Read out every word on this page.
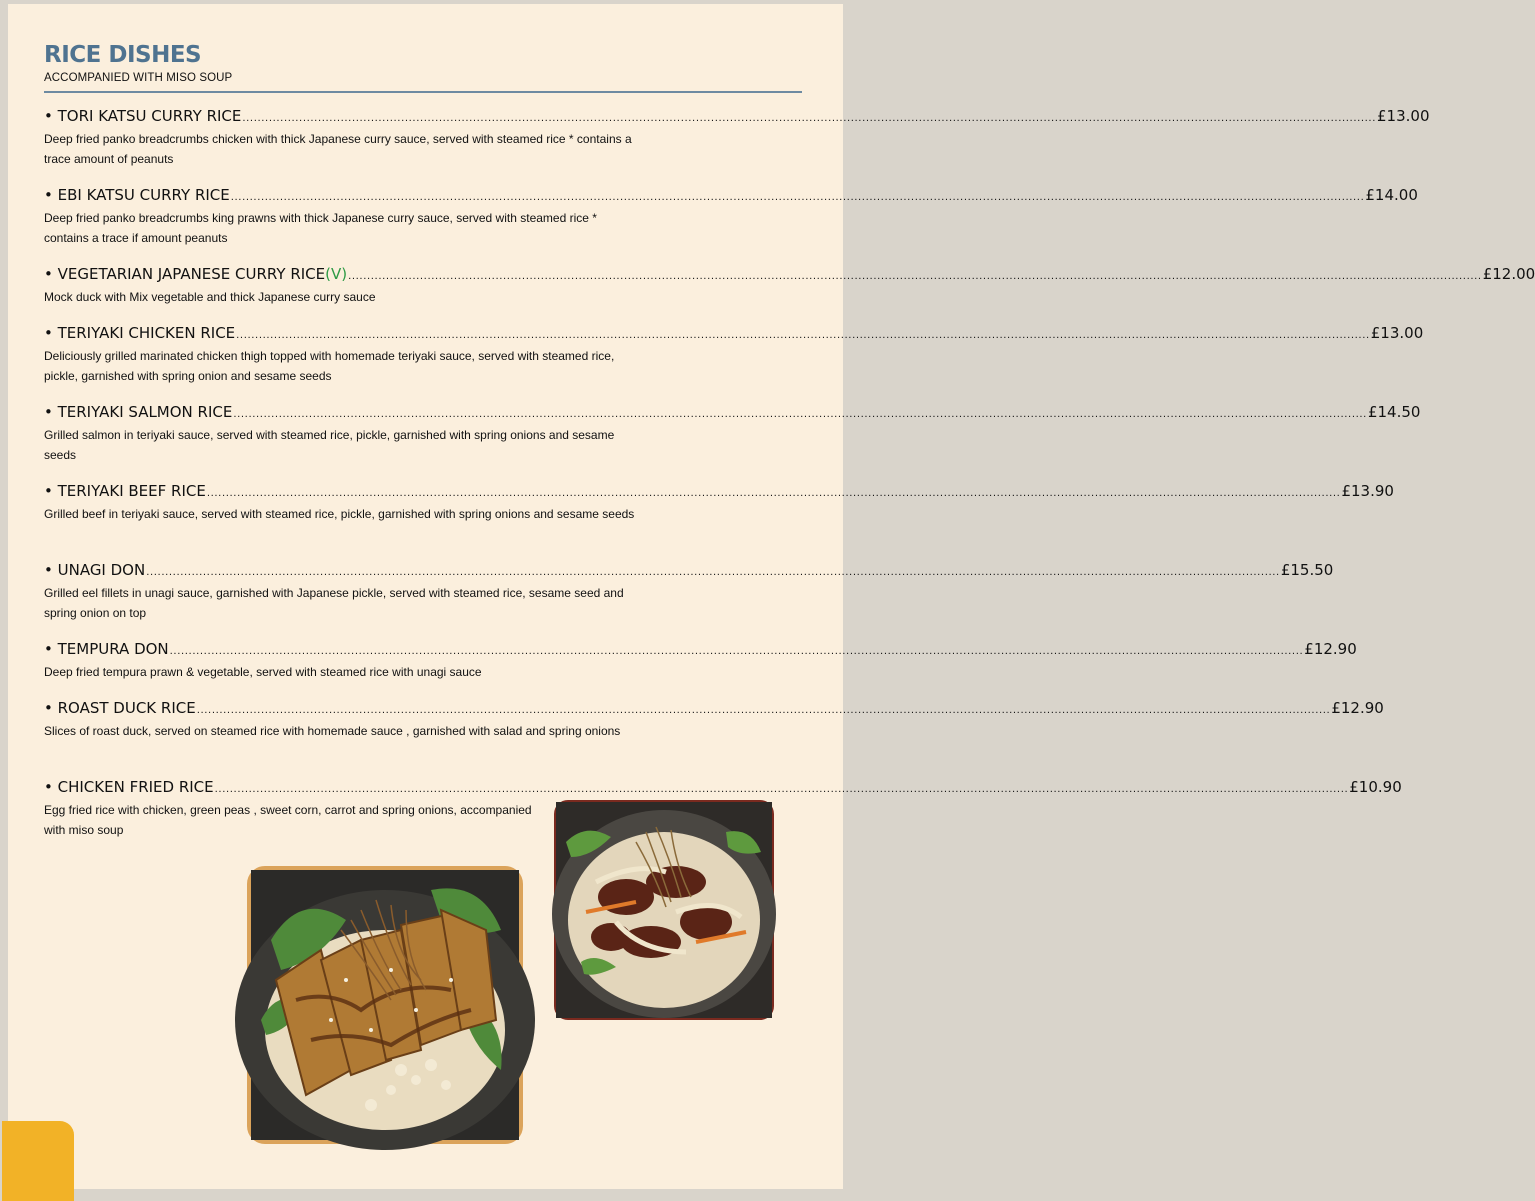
RICE DISHES
ACCOMPANIED WITH MISO SOUP
• TORI KATSU CURRY RICE ............................................................................................................................................................................................................................................................................................................ £13.00
Deep fried panko breadcrumbs chicken with thick Japanese curry sauce, served with steamed rice * contains a trace amount of peanuts
• EBI KATSU CURRY RICE ............................................................................................................................................................................................................................................................................................................ £14.00
Deep fried panko breadcrumbs king prawns with thick Japanese curry sauce, served with steamed rice * contains a trace if amount peanuts
• VEGETARIAN JAPANESE CURRY RICE (V) ............................................................................................................................................................................................................................................................................................................ £12.00
Mock duck with Mix vegetable and thick Japanese curry sauce
• TERIYAKI CHICKEN RICE ............................................................................................................................................................................................................................................................................................................ £13.00
Deliciously grilled marinated chicken thigh topped with homemade teriyaki sauce, served with steamed rice, pickle, garnished with spring onion and sesame seeds
• TERIYAKI SALMON RICE ............................................................................................................................................................................................................................................................................................................ £14.50
Grilled salmon in teriyaki sauce, served with steamed rice, pickle, garnished with spring onions and sesame seeds
• TERIYAKI BEEF RICE ............................................................................................................................................................................................................................................................................................................ £13.90
Grilled beef in teriyaki sauce, served with steamed rice, pickle, garnished with spring onions and sesame seeds
• UNAGI DON ............................................................................................................................................................................................................................................................................................................ £15.50
Grilled eel fillets in unagi sauce, garnished with Japanese pickle, served with steamed rice, sesame seed and spring onion on top
• TEMPURA DON ............................................................................................................................................................................................................................................................................................................ £12.90
Deep fried tempura prawn & vegetable, served with steamed rice with unagi sauce
• ROAST DUCK RICE ............................................................................................................................................................................................................................................................................................................ £12.90
Slices of roast duck, served on steamed rice with homemade sauce , garnished with salad and spring onions
• CHICKEN FRIED RICE ............................................................................................................................................................................................................................................................................................................ £10.90
Egg fried rice with chicken, green peas , sweet corn, carrot and spring onions, accompanied with miso soup
